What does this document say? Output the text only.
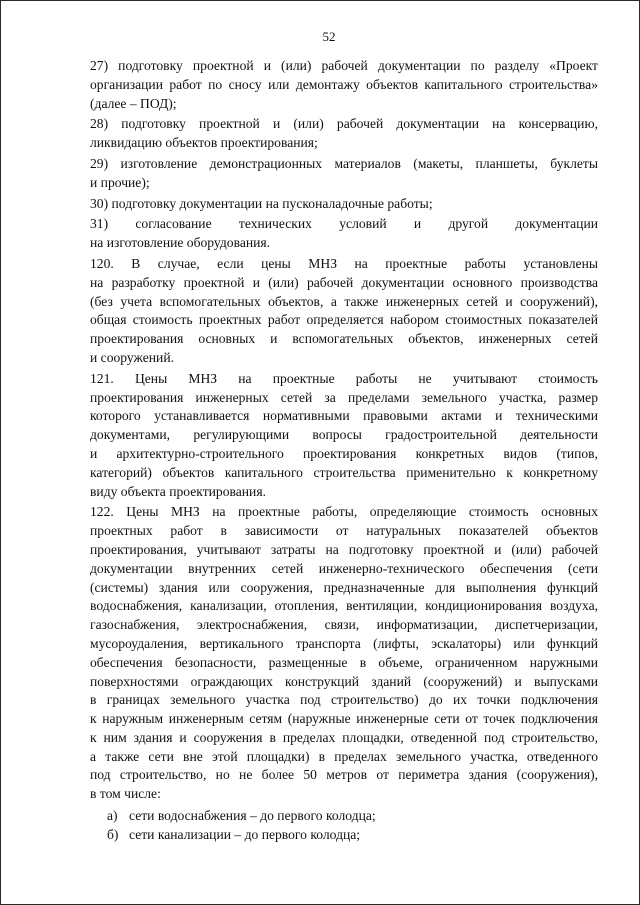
52

27) подготовку проектной и (или) рабочей документации по разделу «Проект
организации работ по сносу или демонтажу объектов капитального строительства»
(далее – ПОД);

28) подготовку проектной и (или) рабочей документации на консервацию,
ликвидацию объектов проектирования;

29) изготовление демонстрационных материалов (макеты, планшеты, буклеты
и прочие);

30) подготовку документации на пусконаладочные работы;

31) согласование технических условий и другой документации
на изготовление оборудования.

120. В случае, если цены МНЗ на проектные работы установлены
на разработку проектной и (или) рабочей документации основного производства
(без учета вспомогательных объектов, а также инженерных сетей и сооружений),
общая стоимость проектных работ определяется набором стоимостных показателей
проектирования основных и вспомогательных объектов, инженерных сетей
и сооружений.

121. Цены МНЗ на проектные работы не учитывают стоимость
проектирования инженерных сетей за пределами земельного участка, размер
которого устанавливается нормативными правовыми актами и техническими
документами, регулирующими вопросы градостроительной деятельности
и архитектурно-строительного проектирования конкретных видов (типов,
категорий) объектов капитального строительства применительно к конкретному
виду объекта проектирования.

122. Цены МНЗ на проектные работы, определяющие стоимость основных
проектных работ в зависимости от натуральных показателей объектов
проектирования, учитывают затраты на подготовку проектной и (или) рабочей
документации внутренних сетей инженерно-технического обеспечения (сети
(системы) здания или сооружения, предназначенные для выполнения функций
водоснабжения, канализации, отопления, вентиляции, кондиционирования воздуха,
газоснабжения, электроснабжения, связи, информатизации, диспетчеризации,
мусороудаления, вертикального транспорта (лифты, эскалаторы) или функций
обеспечения безопасности, размещенные в объеме, ограниченном наружными
поверхностями ограждающих конструкций зданий (сооружений) и выпусками
в границах земельного участка под строительство) до их точки подключения
к наружным инженерным сетям (наружные инженерные сети от точек подключения
к ним здания и сооружения в пределах площадки, отведенной под строительство,
а также сети вне этой площадки) в пределах земельного участка, отведенного
под строительство, но не более 50 метров от периметра здания (сооружения),
в том числе:

а) сети водоснабжения – до первого колодца;

б) сети канализации – до первого колодца;
